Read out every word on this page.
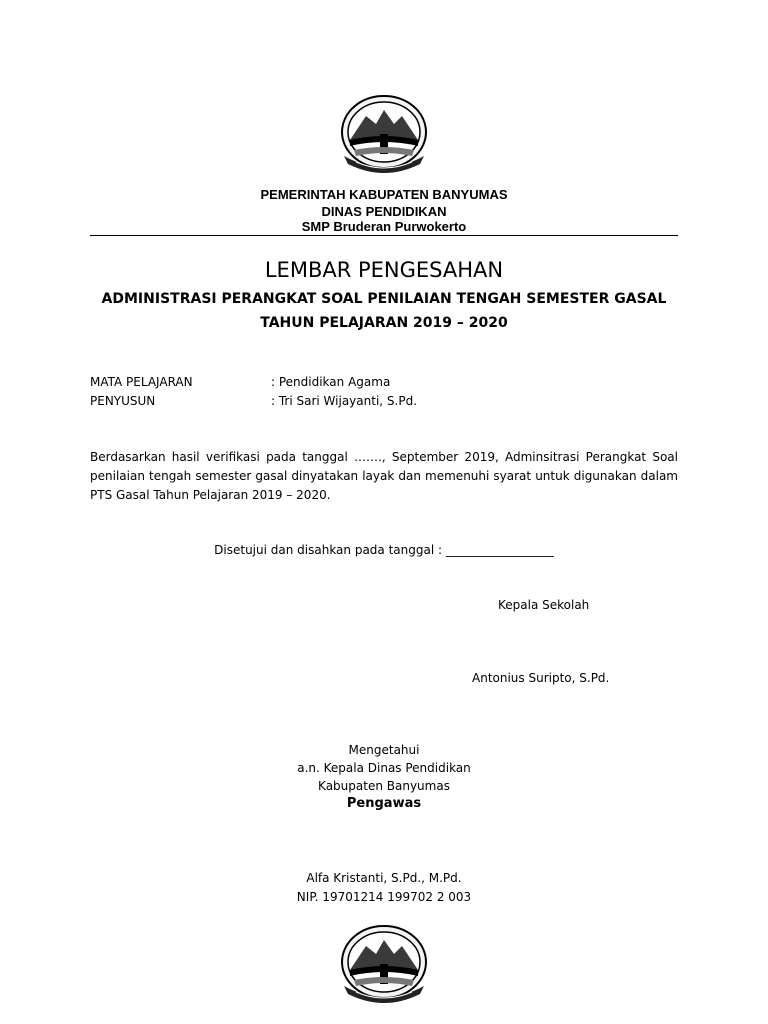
PEMERINTAH KABUPATEN BANYUMAS
DINAS PENDIDIKAN
SMP Bruderan Purwokerto
LEMBAR PENGESAHAN
ADMINISTRASI PERANGKAT SOAL PENILAIAN TENGAH SEMESTER GASAL
TAHUN PELAJARAN 2019 – 2020
MATA PELAJARAN	: Pendidikan Agama
PENYUSUN	: Tri Sari Wijayanti, S.Pd.
Berdasarkan hasil verifikasi pada tanggal ……., September 2019, Adminsitrasi Perangkat Soal penilaian tengah semester gasal dinyatakan layak dan memenuhi syarat untuk digunakan dalam PTS Gasal Tahun Pelajaran 2019 – 2020.
Disetujui dan disahkan pada tanggal : __________________
Kepala Sekolah
Antonius Suripto, S.Pd.
Mengetahui
a.n. Kepala Dinas Pendidikan
Kabupaten Banyumas
Pengawas
Alfa Kristanti, S.Pd., M.Pd.
NIP. 19701214 199702 2 003
